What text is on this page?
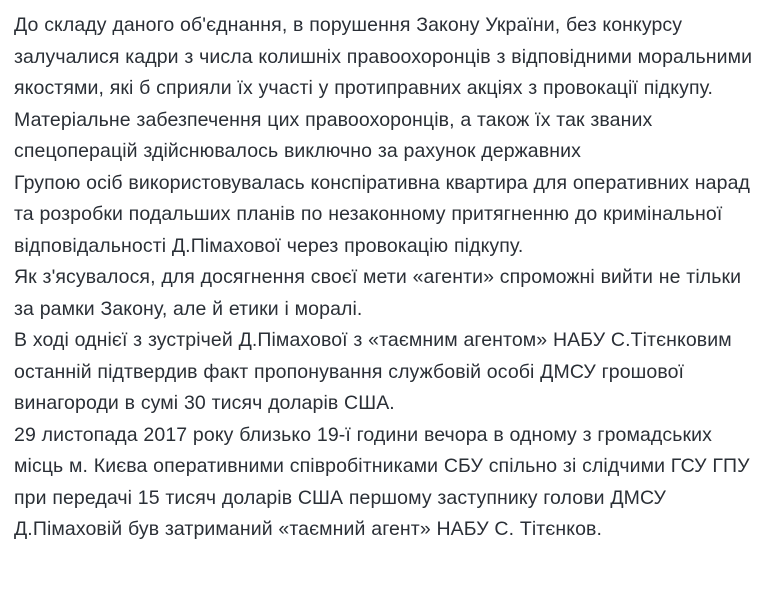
До складу даного об'єднання, в порушення Закону України, без конкурсу залучалися кадри з числа колишніх правоохоронців з відповідними моральними якостями, які б сприяли їх участі у протиправних акціях з провокації підкупу. Матеріальне забезпечення цих правоохоронців, а також їх так званих спецоперацій здійснювалось виключно за рахунок державних

Групою осіб використовувалась конспіративна квартира для оперативних нарад та розробки подальших планів по незаконному притягненню до кримінальної відповідальності Д.Пімахової через провокацію підкупу.

Як з'ясувалося, для досягнення своєї мети «агенти» спроможні вийти не тільки за рамки Закону, але й етики і моралі.

В ході однієї з зустрічей Д.Пімахової з «таємним агентом» НАБУ С.Тітєнковим останній підтвердив факт пропонування службовій особі ДМСУ грошової винагороди в сумі 30 тисяч доларів США.

29 листопада 2017 року близько 19-ї години вечора в одному з громадських місць м. Києва оперативними співробітниками СБУ спільно зі слідчими ГСУ ГПУ при передачі 15 тисяч доларів США першому заступнику голови ДМСУ Д.Пімаховій був затриманий «таємний агент» НАБУ С. Тітєнков.
